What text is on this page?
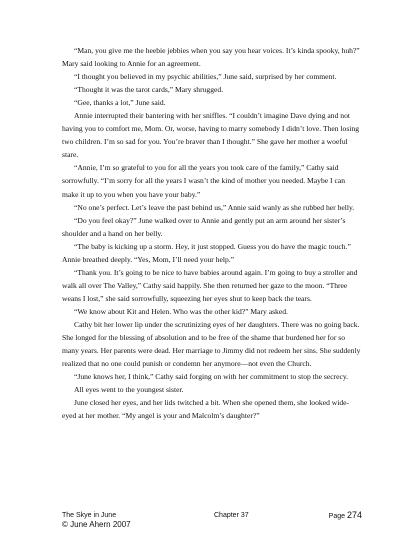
“Man, you give me the heebie jebbies when you say you hear voices. It’s kinda spooky, huh?” Mary said looking to Annie for an agreement.

“I thought you believed in my psychic abilities,” June said, surprised by her comment.

“Thought it was the tarot cards,” Mary shrugged.

“Gee, thanks a lot,” June said.

Annie interrupted their bantering with her sniffles. “I couldn’t imagine Dave dying and not having you to comfort me, Mom. Or, worse, having to marry somebody I didn’t love. Then losing two children. I’m so sad for you. You’re braver than I thought.” She gave her mother a woeful stare.

“Annie, I’m so grateful to you for all the years you took care of the family,” Cathy said sorrowfully. “I’m sorry for all the years I wasn’t the kind of mother you needed. Maybe I can make it up to you when you have your baby.”

“No one’s perfect. Let’s leave the past behind us,” Annie said wanly as she rubbed her belly.

“Do you feel okay?” June walked over to Annie and gently put an arm around her sister’s shoulder and a hand on her belly.

“The baby is kicking up a storm. Hey, it just stopped. Guess you do have the magic touch.” Annie breathed deeply. “Yes, Mom, I’ll need your help.”

“Thank you. It’s going to be nice to have babies around again. I’m going to buy a stroller and walk all over The Valley,” Cathy said happily. She then returned her gaze to the moon. “Three weans I lost,” she said sorrowfully, squeezing her eyes shut to keep back the tears.

“We know about Kit and Helen. Who was the other kid?” Mary asked.

Cathy bit her lower lip under the scrutinizing eyes of her daughters. There was no going back. She longed for the blessing of absolution and to be free of the shame that burdened her for so many years. Her parents were dead. Her marriage to Jimmy did not redeem her sins. She suddenly realized that no one could punish or condemn her anymore—not even the Church.

“June knows her, I think,” Cathy said forging on with her commitment to stop the secrecy.

All eyes went to the youngest sister.

June closed her eyes, and her lids twitched a bit. When she opened them, she looked wide-eyed at her mother. “My angel is your and Malcolm’s daughter?”

The Skye in June	Chapter 37	Page 274
© June Ahern 2007
